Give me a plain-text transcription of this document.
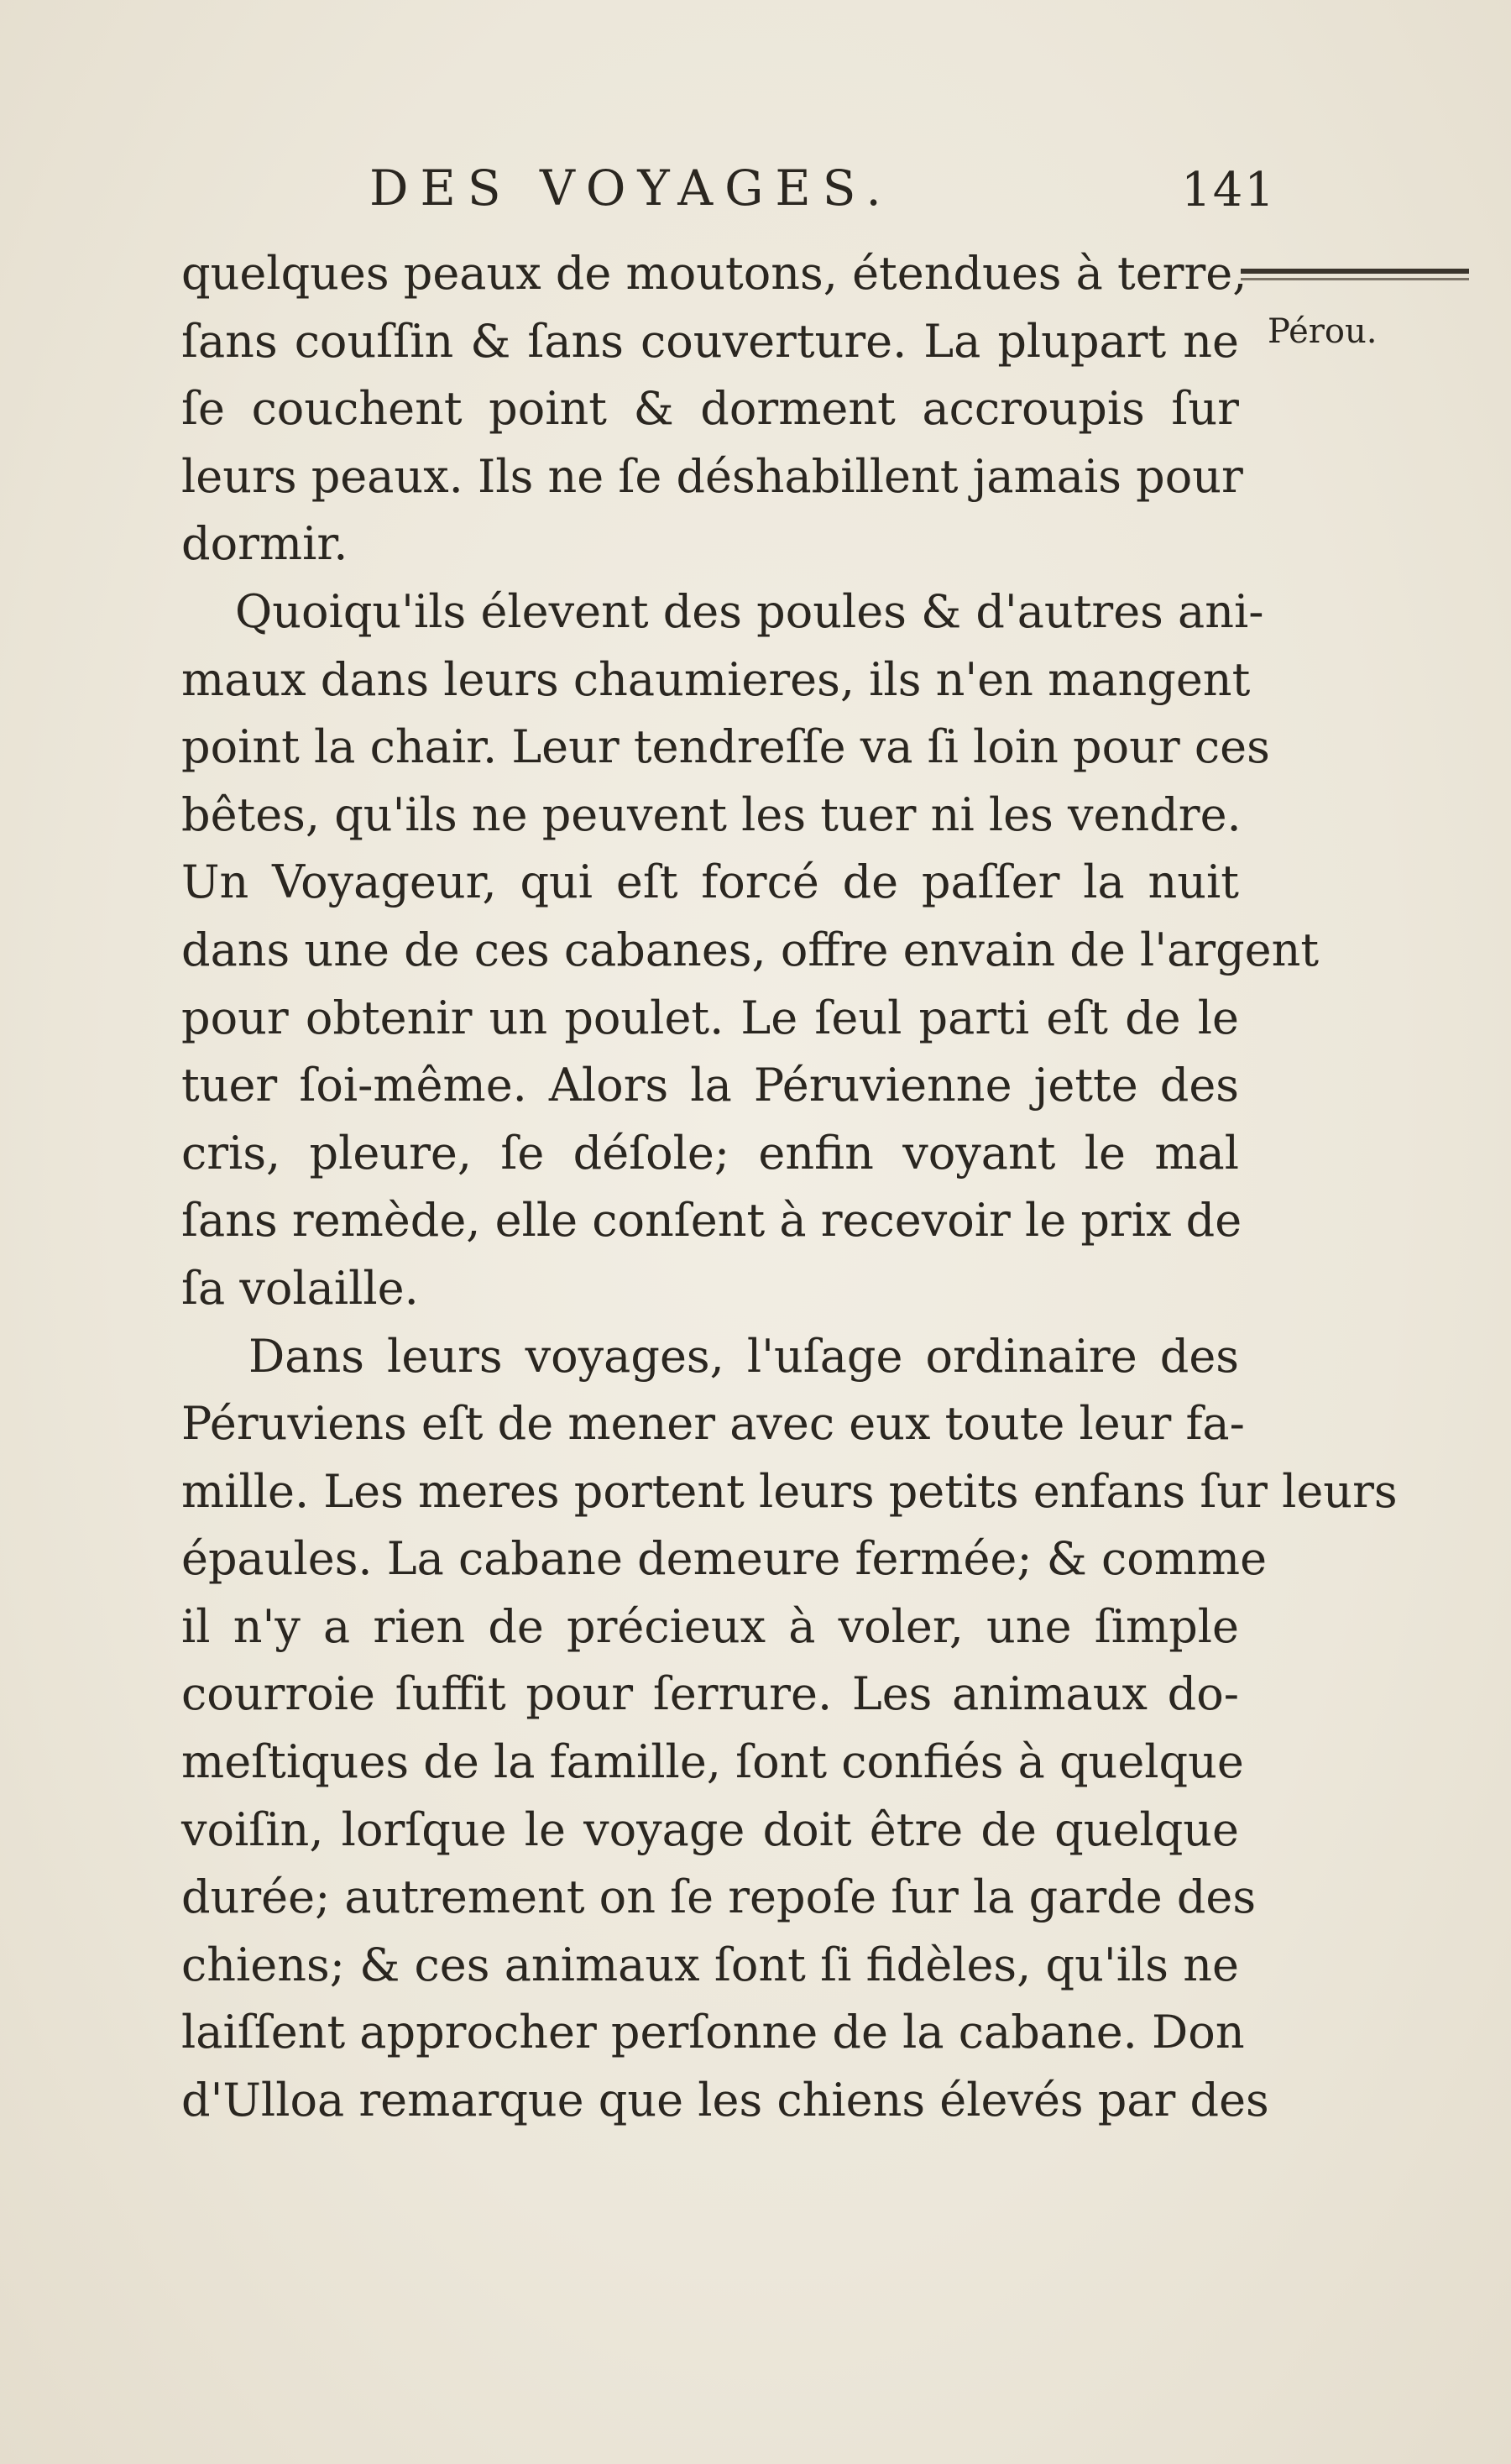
DES VOYAGES.	141
Pérou.
quelques peaux de moutons, étendues à terre,
ſans couſſin & ſans couverture. La plupart ne
ſe couchent point & dorment accroupis ſur
leurs peaux. Ils ne ſe déshabillent jamais pour
dormir.
Quoiqu'ils élevent des poules & d'autres ani-
maux dans leurs chaumieres, ils n'en mangent
point la chair. Leur tendreſſe va ſi loin pour ces
bêtes, qu'ils ne peuvent les tuer ni les vendre.
Un Voyageur, qui eſt forcé de paſſer la nuit
dans une de ces cabanes, offre envain de l'argent
pour obtenir un poulet. Le ſeul parti eſt de le
tuer ſoi-même. Alors la Péruvienne jette des
cris, pleure, ſe déſole; enfin voyant le mal
ſans remède, elle conſent à recevoir le prix de
ſa volaille.
Dans leurs voyages, l'uſage ordinaire des
Péruviens eſt de mener avec eux toute leur fa-
mille. Les meres portent leurs petits enfans ſur leurs
épaules. La cabane demeure fermée; & comme
il n'y a rien de précieux à voler, une ſimple
courroie ſuffit pour ſerrure. Les animaux do-
meſtiques de la famille, ſont confiés à quelque
voiſin, lorſque le voyage doit être de quelque
durée; autrement on ſe repoſe ſur la garde des
chiens; & ces animaux ſont ſi fidèles, qu'ils ne
laiſſent approcher perſonne de la cabane. Don
d'Ulloa remarque que les chiens élevés par des
